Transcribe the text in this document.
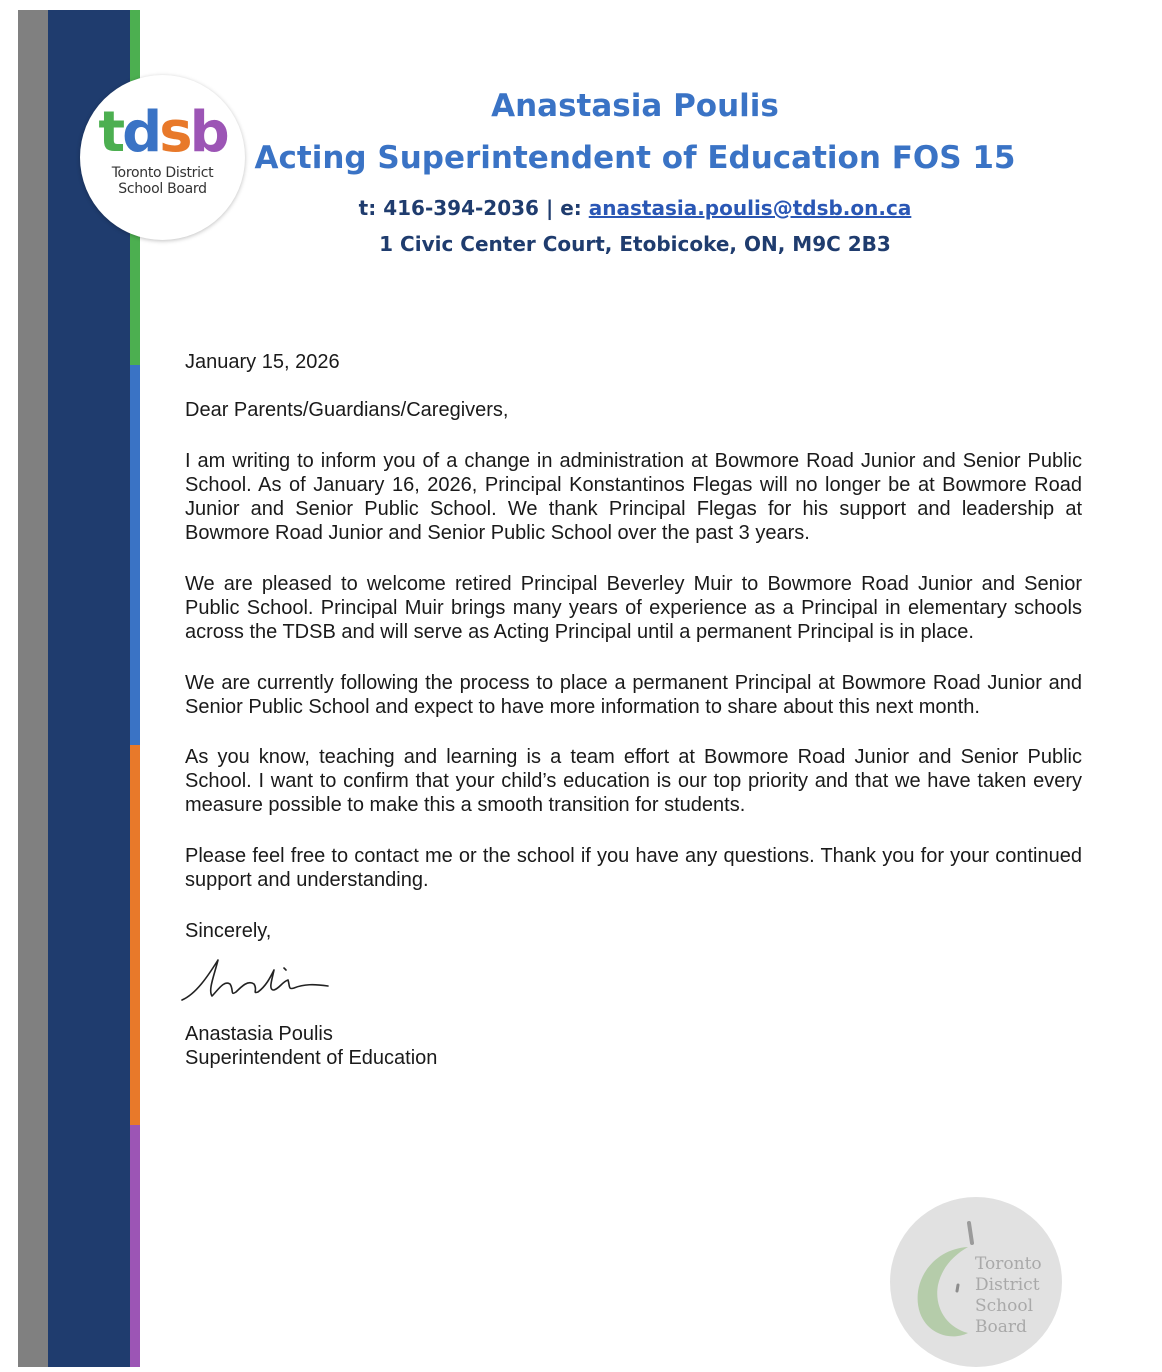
tdsb
Toronto District
School Board
Anastasia Poulis
Acting Superintendent of Education FOS 15
t: 416-394-2036 | e: anastasia.poulis@tdsb.on.ca
1 Civic Center Court, Etobicoke, ON, M9C 2B3
January 15, 2026
Dear Parents/Guardians/Caregivers,

I am writing to inform you of a change in administration at Bowmore Road Junior and Senior Public School. As of January 16, 2026, Principal Konstantinos Flegas will no longer be at Bowmore Road Junior and Senior Public School. We thank Principal Flegas for his support and leadership at Bowmore Road Junior and Senior Public School over the past 3 years.

We are pleased to welcome retired Principal Beverley Muir to Bowmore Road Junior and Senior Public School. Principal Muir brings many years of experience as a Principal in elementary schools across the TDSB and will serve as Acting Principal until a permanent Principal is in place.

We are currently following the process to place a permanent Principal at Bowmore Road Junior and Senior Public School and expect to have more information to share about this next month.

As you know, teaching and learning is a team effort at Bowmore Road Junior and Senior Public School. I want to confirm that your child’s education is our top priority and that we have taken every measure possible to make this a smooth transition for students.

Please feel free to contact me or the school if you have any questions. Thank you for your continued support and understanding.

Sincerely,
Anastasia Poulis
Superintendent of Education
Toronto
District
School
Board
